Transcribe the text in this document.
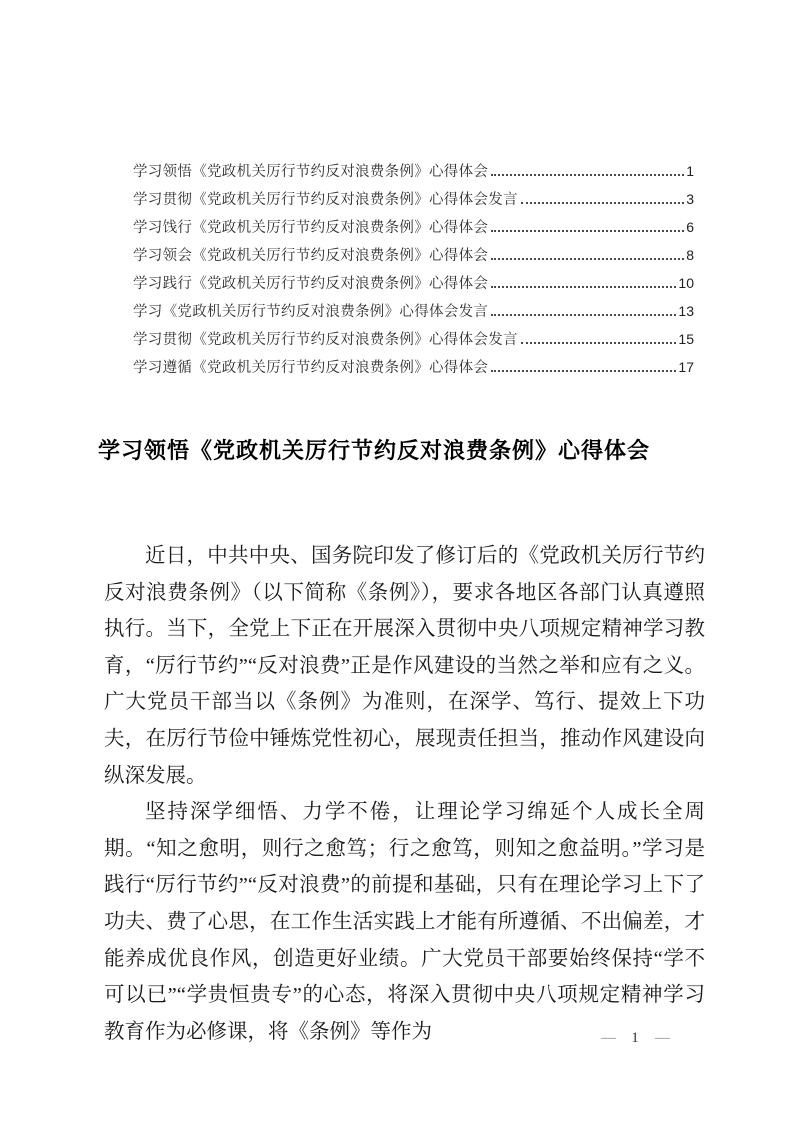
学习领悟《党政机关厉行节约反对浪费条例》心得体会	1
学习贯彻《党政机关厉行节约反对浪费条例》心得体会发言	3
学习饯行《党政机关厉行节约反对浪费条例》心得体会	6
学习领会《党政机关厉行节约反对浪费条例》心得体会	8
学习践行《党政机关厉行节约反对浪费条例》心得体会	10
学习《党政机关厉行节约反对浪费条例》心得体会发言	13
学习贯彻《党政机关厉行节约反对浪费条例》心得体会发言	15
学习遵循《党政机关厉行节约反对浪费条例》心得体会	17
学习领悟《党政机关厉行节约反对浪费条例》心得体会

近日，中共中央、国务院印发了修订后的《党政机关厉行节约反对浪费条例》（以下简称《条例》），要求各地区各部门认真遵照执行。当下，全党上下正在开展深入贯彻中央八项规定精神学习教育，“厉行节约”“反对浪费”正是作风建设的当然之举和应有之义。广大党员干部当以《条例》为准则，在深学、笃行、提效上下功夫，在厉行节俭中锤炼党性初心，展现责任担当，推动作风建设向纵深发展。

坚持深学细悟、力学不倦，让理论学习绵延个人成长全周期。“知之愈明，则行之愈笃；行之愈笃，则知之愈益明。”学习是践行“厉行节约”“反对浪费”的前提和基础，只有在理论学习上下了功夫、费了心思，在工作生活实践上才能有所遵循、不出偏差，才能养成优良作风，创造更好业绩。广大党员干部要始终保持“学不可以已”“学贵恒贵专”的心态，将深入贯彻中央八项规定精神学习教育作为必修课，将《条例》等作为	— 1 —
